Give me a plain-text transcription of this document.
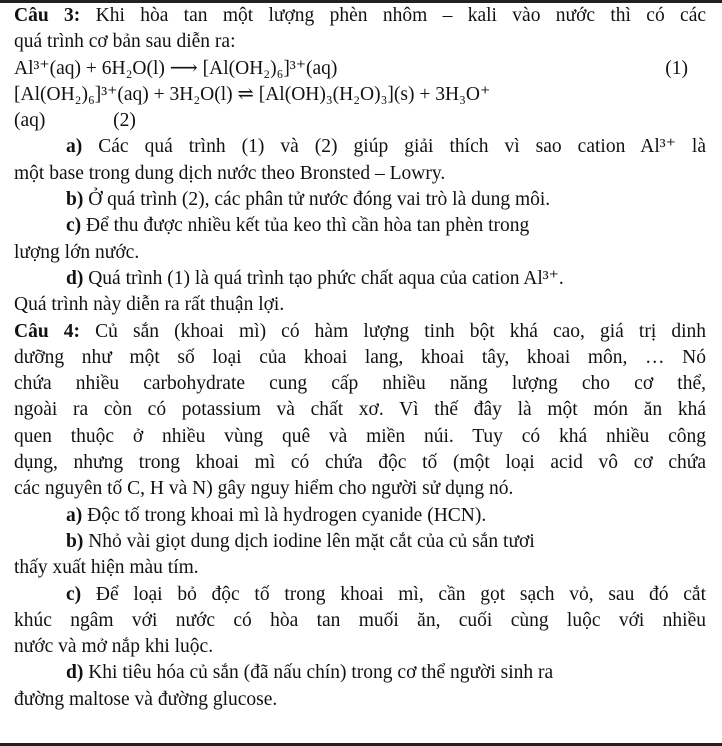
Câu 3: Khi hòa tan một lượng phèn nhôm – kali vào nước thì có các
quá trình cơ bản sau diễn ra:
Al³⁺(aq) + 6H₂O(l) ⟶ [Al(OH₂)₆]³⁺(aq)	(1)
[Al(OH₂)₆]³⁺(aq) + 3H₂O(l) ⇌ [Al(OH)₃(H₂O)₃](s) + 3H₃O⁺
(aq)	(2)
a) Các quá trình (1) và (2) giúp giải thích vì sao cation Al³⁺ là
một base trong dung dịch nước theo Bronsted – Lowry.
b) Ở quá trình (2), các phân tử nước đóng vai trò là dung môi.
c) Để thu được nhiều kết tủa keo thì cần hòa tan phèn trong
lượng lớn nước.
d) Quá trình (1) là quá trình tạo phức chất aqua của cation Al³⁺.
Quá trình này diễn ra rất thuận lợi.
Câu 4: Củ sắn (khoai mì) có hàm lượng tinh bột khá cao, giá trị dinh
dưỡng như một số loại của khoai lang, khoai tây, khoai môn, … Nó
chứa nhiều carbohydrate cung cấp nhiều năng lượng cho cơ thể,
ngoài ra còn có potassium và chất xơ. Vì thế đây là một món ăn khá
quen thuộc ở nhiều vùng quê và miền núi. Tuy có khá nhiều công
dụng, nhưng trong khoai mì có chứa độc tố (một loại acid vô cơ chứa
các nguyên tố C, H và N) gây nguy hiểm cho người sử dụng nó.
a) Độc tố trong khoai mì là hydrogen cyanide (HCN).
b) Nhỏ vài giọt dung dịch iodine lên mặt cắt của củ sắn tươi
thấy xuất hiện màu tím.
c) Để loại bỏ độc tố trong khoai mì, cần gọt sạch vỏ, sau đó cắt
khúc ngâm với nước có hòa tan muối ăn, cuối cùng luộc với nhiều
nước và mở nắp khi luộc.
d) Khi tiêu hóa củ sắn (đã nấu chín) trong cơ thể người sinh ra
đường maltose và đường glucose.
